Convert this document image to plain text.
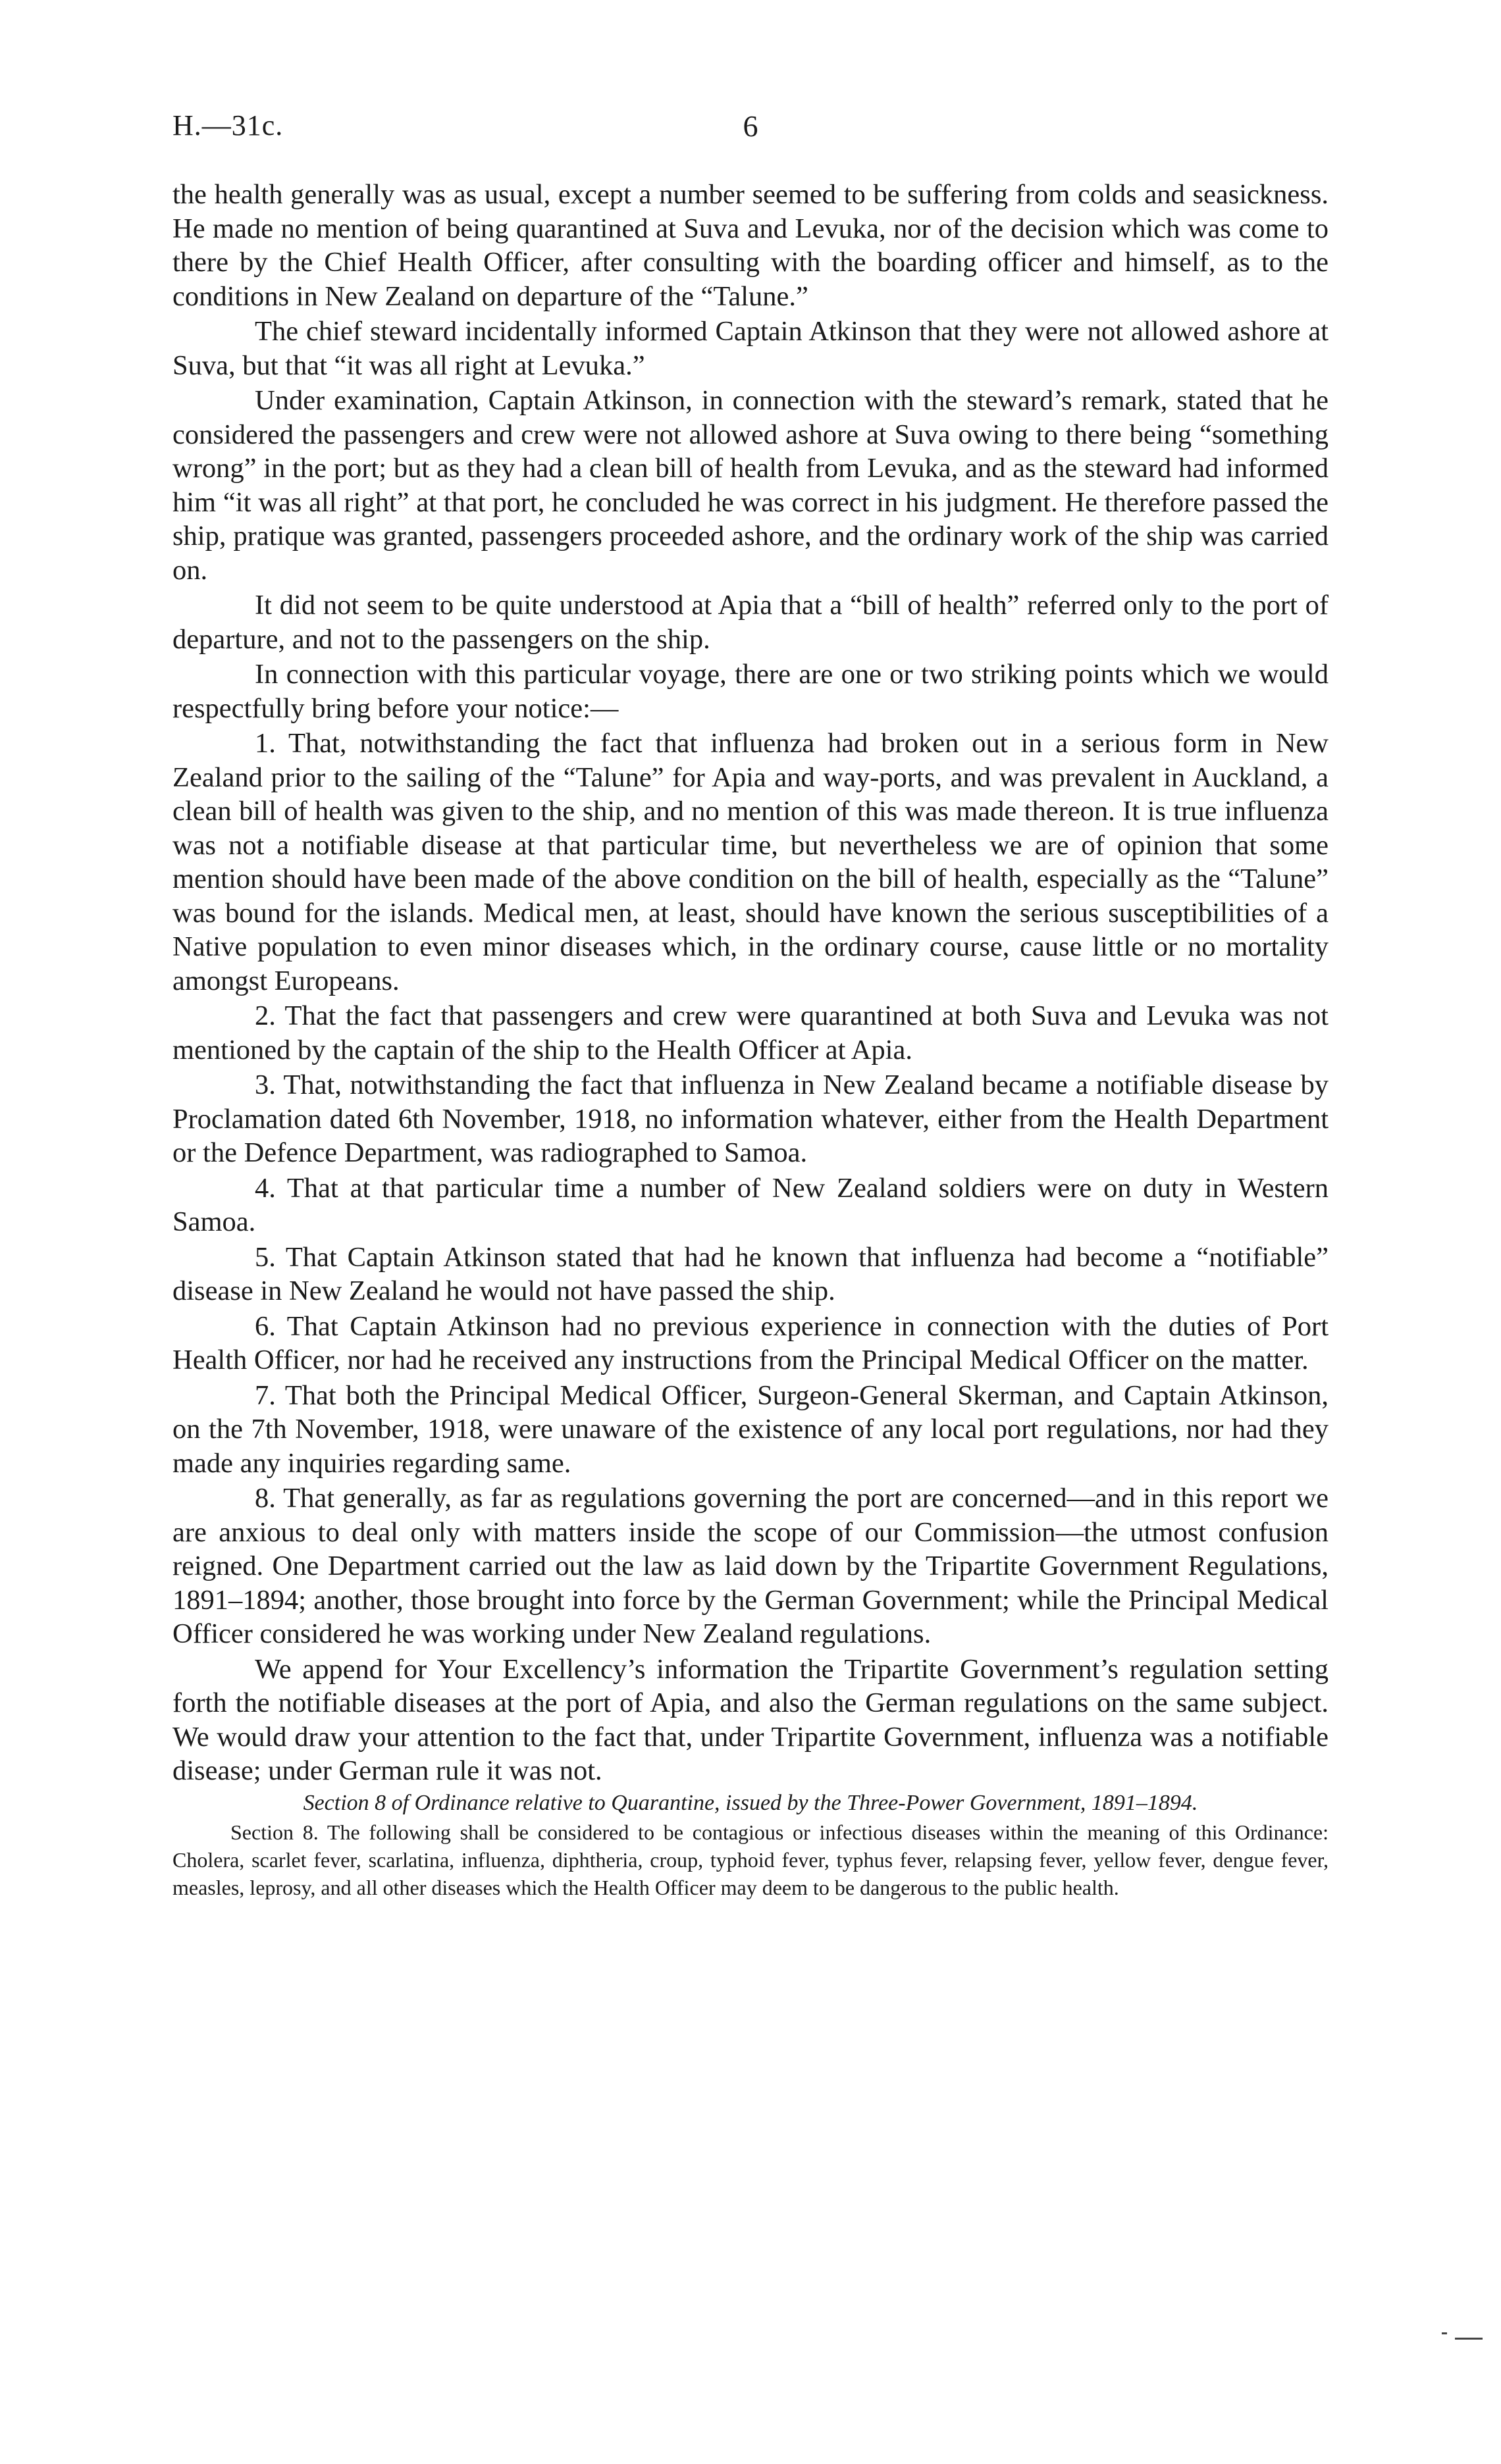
H.—31c.	6

the health generally was as usual, except a number seemed to be suffering from colds and seasickness. He made no mention of being quarantined at Suva and Levuka, nor of the decision which was come to there by the Chief Health Officer, after consulting with the boarding officer and himself, as to the conditions in New Zealand on departure of the “Talune.”

The chief steward incidentally informed Captain Atkinson that they were not allowed ashore at Suva, but that “it was all right at Levuka.”

Under examination, Captain Atkinson, in connection with the steward’s remark, stated that he considered the passengers and crew were not allowed ashore at Suva owing to there being “something wrong” in the port; but as they had a clean bill of health from Levuka, and as the steward had informed him “it was all right” at that port, he concluded he was correct in his judgment. He therefore passed the ship, pratique was granted, passengers proceeded ashore, and the ordinary work of the ship was carried on.

It did not seem to be quite understood at Apia that a “bill of health” referred only to the port of departure, and not to the passengers on the ship.

In connection with this particular voyage, there are one or two striking points which we would respectfully bring before your notice:—

1. That, notwithstanding the fact that influenza had broken out in a serious form in New Zealand prior to the sailing of the “Talune” for Apia and way-ports, and was prevalent in Auckland, a clean bill of health was given to the ship, and no mention of this was made thereon. It is true influenza was not a notifiable disease at that particular time, but nevertheless we are of opinion that some mention should have been made of the above condition on the bill of health, especially as the “Talune” was bound for the islands. Medical men, at least, should have known the serious susceptibilities of a Native population to even minor diseases which, in the ordinary course, cause little or no mortality amongst Europeans.

2. That the fact that passengers and crew were quarantined at both Suva and Levuka was not mentioned by the captain of the ship to the Health Officer at Apia.

3. That, notwithstanding the fact that influenza in New Zealand became a notifiable disease by Proclamation dated 6th November, 1918, no information whatever, either from the Health Department or the Defence Department, was radiographed to Samoa.

4. That at that particular time a number of New Zealand soldiers were on duty in Western Samoa.

5. That Captain Atkinson stated that had he known that influenza had become a “notifiable” disease in New Zealand he would not have passed the ship.

6. That Captain Atkinson had no previous experience in connection with the duties of Port Health Officer, nor had he received any instructions from the Principal Medical Officer on the matter.

7. That both the Principal Medical Officer, Surgeon-General Skerman, and Captain Atkinson, on the 7th November, 1918, were unaware of the existence of any local port regulations, nor had they made any inquiries regarding same.

8. That generally, as far as regulations governing the port are concerned—and in this report we are anxious to deal only with matters inside the scope of our Commission—the utmost confusion reigned. One Department carried out the law as laid down by the Tripartite Government Regulations, 1891–1894; another, those brought into force by the German Government; while the Principal Medical Officer considered he was working under New Zealand regulations.

We append for Your Excellency’s information the Tripartite Government’s regulation setting forth the notifiable diseases at the port of Apia, and also the German regulations on the same subject. We would draw your attention to the fact that, under Tripartite Government, influenza was a notifiable disease; under German rule it was not.

Section 8 of Ordinance relative to Quarantine, issued by the Three-Power Government, 1891–1894.

Section 8. The following shall be considered to be contagious or infectious diseases within the meaning of this Ordinance: Cholera, scarlet fever, scarlatina, influenza, diphtheria, croup, typhoid fever, typhus fever, relapsing fever, yellow fever, dengue fever, measles, leprosy, and all other diseases which the Health Officer may deem to be dangerous to the public health.
